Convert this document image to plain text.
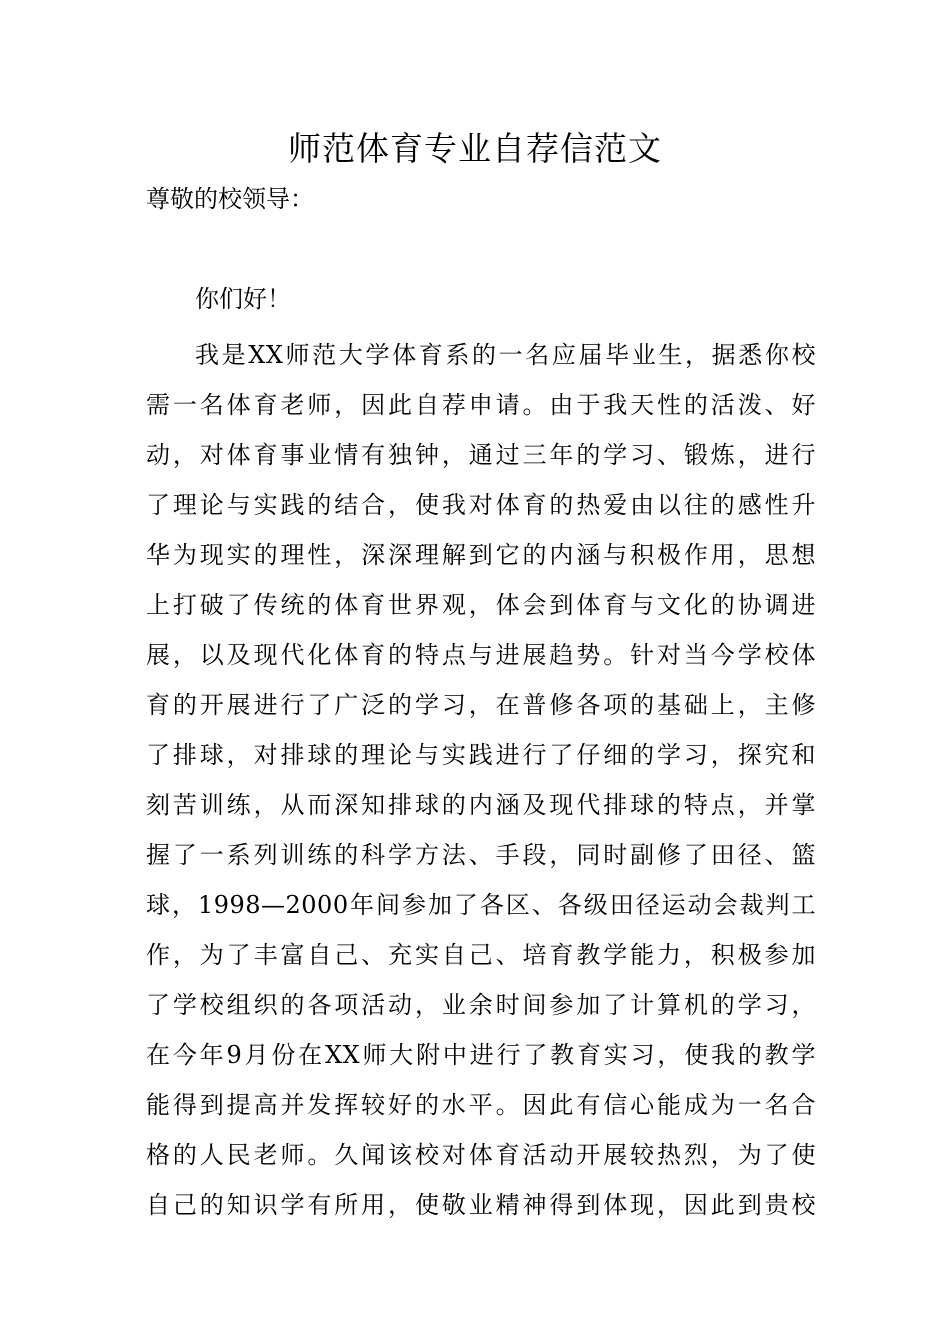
师范体育专业自荐信范文

尊敬的校领导：

你们好！

我是XX师范大学体育系的一名应届毕业生，据悉你校
需一名体育老师，因此自荐申请。由于我天性的活泼、好
动，对体育事业情有独钟，通过三年的学习、锻炼，进行
了理论与实践的结合，使我对体育的热爱由以往的感性升
华为现实的理性，深深理解到它的内涵与积极作用，思想
上打破了传统的体育世界观，体会到体育与文化的协调进
展，以及现代化体育的特点与进展趋势。针对当今学校体
育的开展进行了广泛的学习，在普修各项的基础上，主修
了排球，对排球的理论与实践进行了仔细的学习，探究和
刻苦训练，从而深知排球的内涵及现代排球的特点，并掌
握了一系列训练的科学方法、手段，同时副修了田径、篮
球，1998—2000年间参加了各区、各级田径运动会裁判工
作，为了丰富自己、充实自己、培育教学能力，积极参加
了学校组织的各项活动，业余时间参加了计算机的学习，
在今年9月份在XX师大附中进行了教育实习，使我的教学
能得到提高并发挥较好的水平。因此有信心能成为一名合
格的人民老师。久闻该校对体育活动开展较热烈，为了使
自己的知识学有所用，使敬业精神得到体现，因此到贵校
